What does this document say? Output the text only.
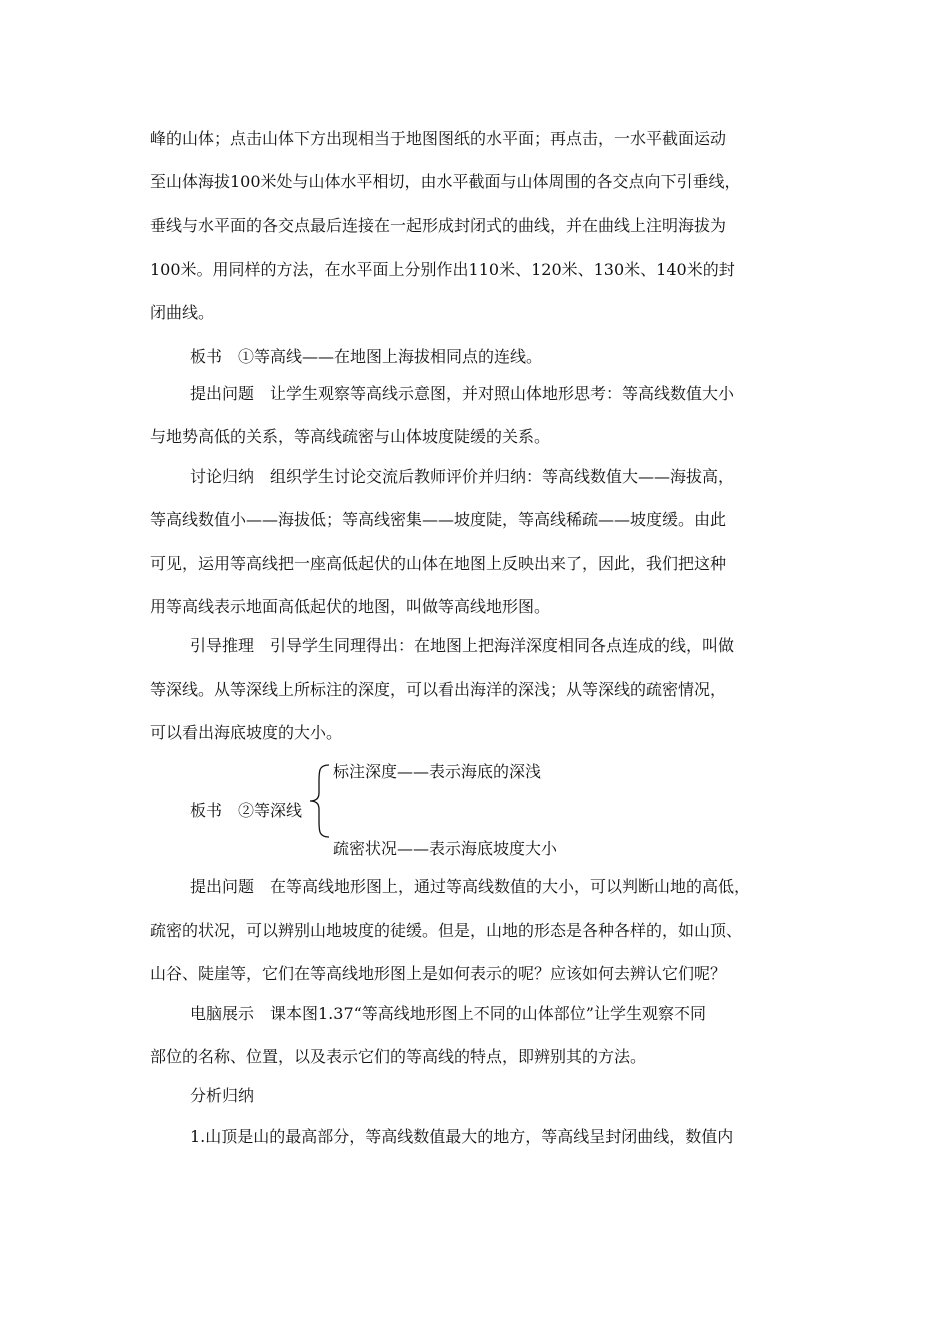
峰的山体；点击山体下方出现相当于地图图纸的水平面；再点击，一水平截面运动

至山体海拔100米处与山体水平相切，由水平截面与山体周围的各交点向下引垂线，

垂线与水平面的各交点最后连接在一起形成封闭式的曲线，并在曲线上注明海拔为

100米。用同样的方法，在水平面上分别作出110米、120米、130米、140米的封

闭曲线。

板书　①等高线——在地图上海拔相同点的连线。

提出问题　让学生观察等高线示意图，并对照山体地形思考：等高线数值大小

与地势高低的关系，等高线疏密与山体坡度陡缓的关系。

讨论归纳　组织学生讨论交流后教师评价并归纳：等高线数值大——海拔高，

等高线数值小——海拔低；等高线密集——坡度陡，等高线稀疏——坡度缓。由此

可见，运用等高线把一座高低起伏的山体在地图上反映出来了，因此，我们把这种

用等高线表示地面高低起伏的地图，叫做等高线地形图。

引导推理　引导学生同理得出：在地图上把海洋深度相同各点连成的线，叫做

等深线。从等深线上所标注的深度，可以看出海洋的深浅；从等深线的疏密情况，

可以看出海底坡度的大小。

标注深度——表示海底的深浅

板书　②等深线

疏密状况——表示海底坡度大小

提出问题　在等高线地形图上，通过等高线数值的大小，可以判断山地的高低，

疏密的状况，可以辨别山地坡度的徒缓。但是，山地的形态是各种各样的，如山顶、

山谷、陡崖等，它们在等高线地形图上是如何表示的呢？应该如何去辨认它们呢？

电脑展示　课本图1.37“等高线地形图上不同的山体部位”让学生观察不同

部位的名称、位置，以及表示它们的等高线的特点，即辨别其的方法。

分析归纳

1.山顶是山的最高部分，等高线数值最大的地方，等高线呈封闭曲线，数值内
